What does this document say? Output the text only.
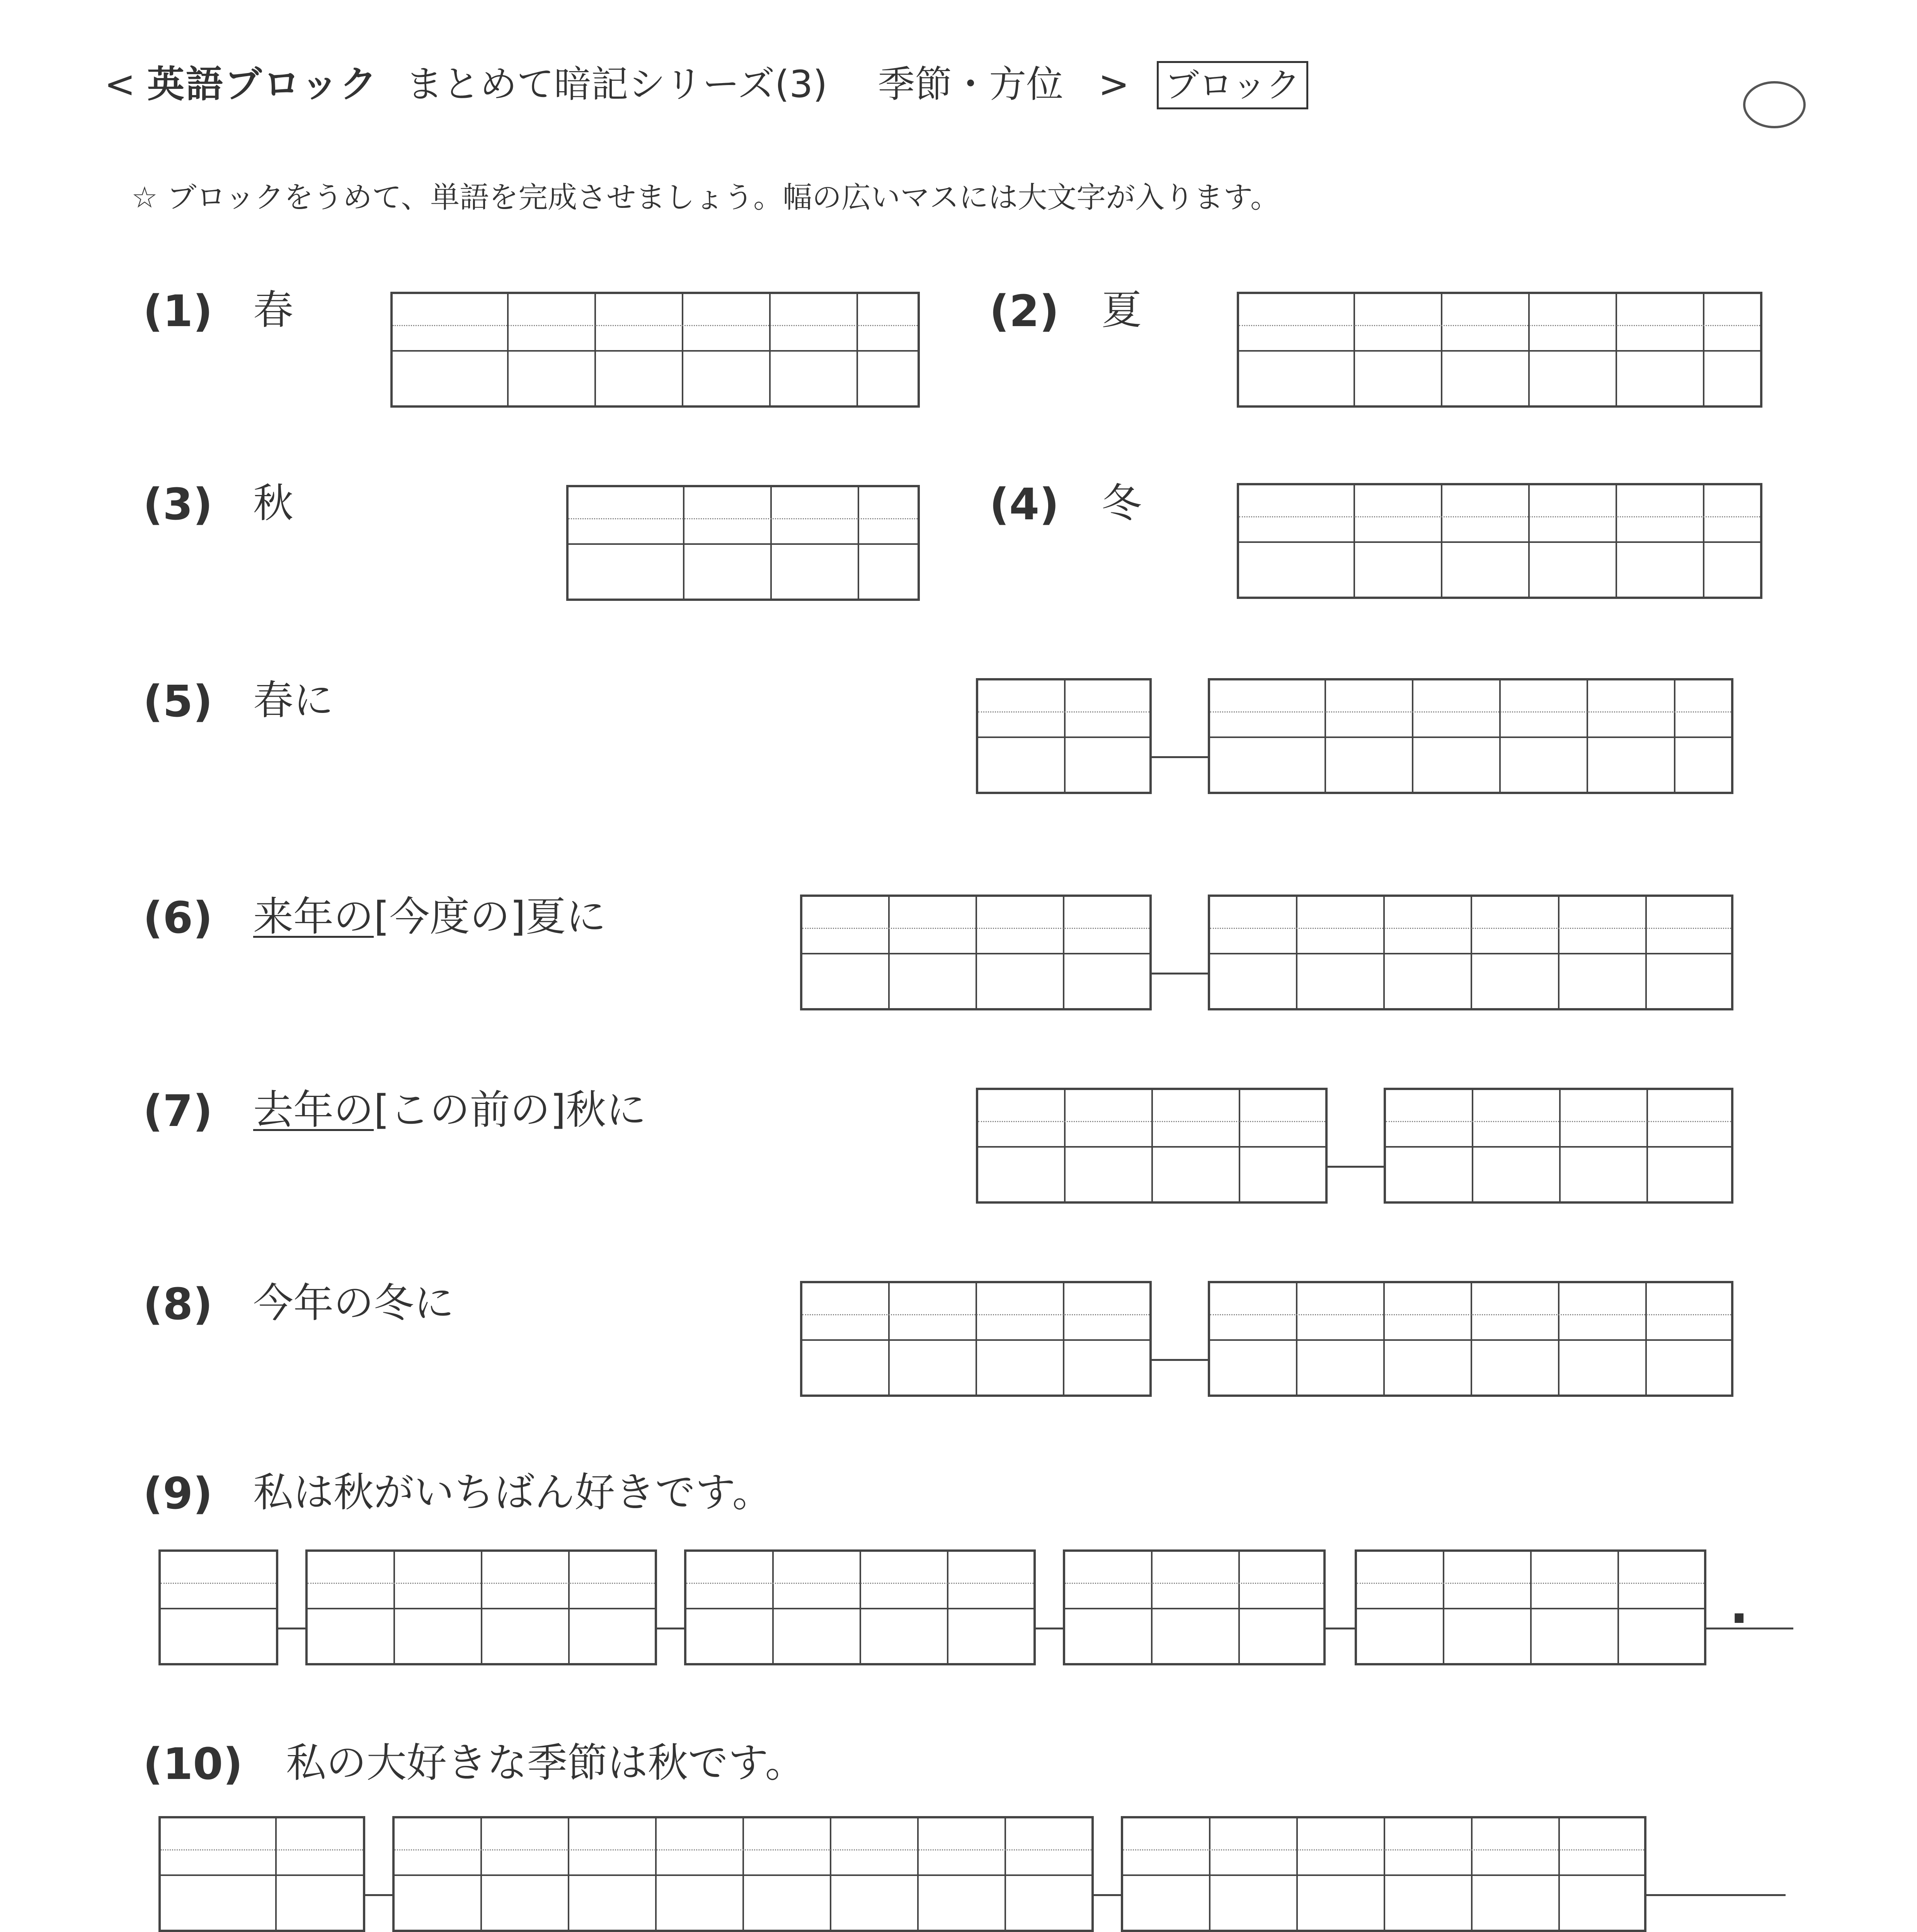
< 英語ブロック まとめて暗記シリーズ(3) 季節・方位 > ブロック
☆ ブロックをうめて、単語を完成させましょう。幅の広いマスには大文字が入ります。
(1) 春	(2) 夏
(3) 秋	(4) 冬
(5) 春に
(6) 来年の[今度の]夏に
(7) 去年の[この前の]秋に
(8) 今年の冬に
(9) 私は秋がいちばん好きです。
.
(10) 私の大好きな季節は秋です。
